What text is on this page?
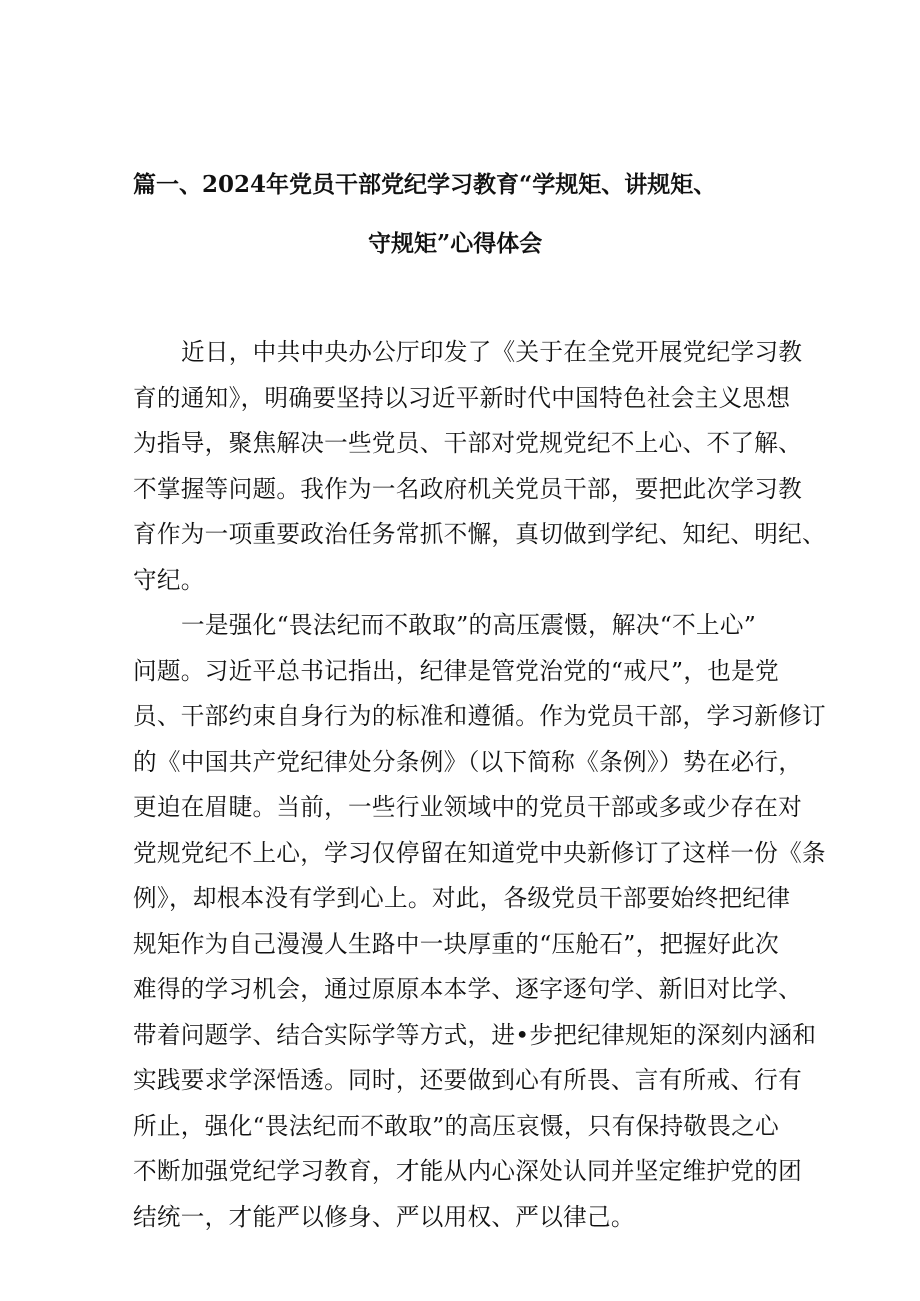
篇一、2024年党员干部党纪学习教育“学规矩、讲规矩、
守规矩”心得体会
近日，中共中央办公厅印发了《关于在全党开展党纪学习教
育的通知》，明确要坚持以习近平新时代中国特色社会主义思想
为指导，聚焦解决一些党员、干部对党规党纪不上心、不了解、
不掌握等问题。我作为一名政府机关党员干部，要把此次学习教
育作为一项重要政治任务常抓不懈，真切做到学纪、知纪、明纪、
守纪。
一是强化“畏法纪而不敢取”的高压震慑，解决“不上心”
问题。习近平总书记指出，纪律是管党治党的“戒尺”，也是党
员、干部约束自身行为的标准和遵循。作为党员干部，学习新修订
的《中国共产党纪律处分条例》（以下简称《条例》）势在必行，
更迫在眉睫。当前，一些行业领域中的党员干部或多或少存在对
党规党纪不上心，学习仅停留在知道党中央新修订了这样一份《条
例》，却根本没有学到心上。对此，各级党员干部要始终把纪律
规矩作为自己漫漫人生路中一块厚重的“压舱石”，把握好此次
难得的学习机会，通过原原本本学、逐字逐句学、新旧对比学、
带着问题学、结合实际学等方式，进•步把纪律规矩的深刻内涵和
实践要求学深悟透。同时，还要做到心有所畏、言有所戒、行有
所止，强化“畏法纪而不敢取”的高压哀慑，只有保持敬畏之心
不断加强党纪学习教育，才能从内心深处认同并坚定维护党的团
结统一，才能严以修身、严以用权、严以律己。
